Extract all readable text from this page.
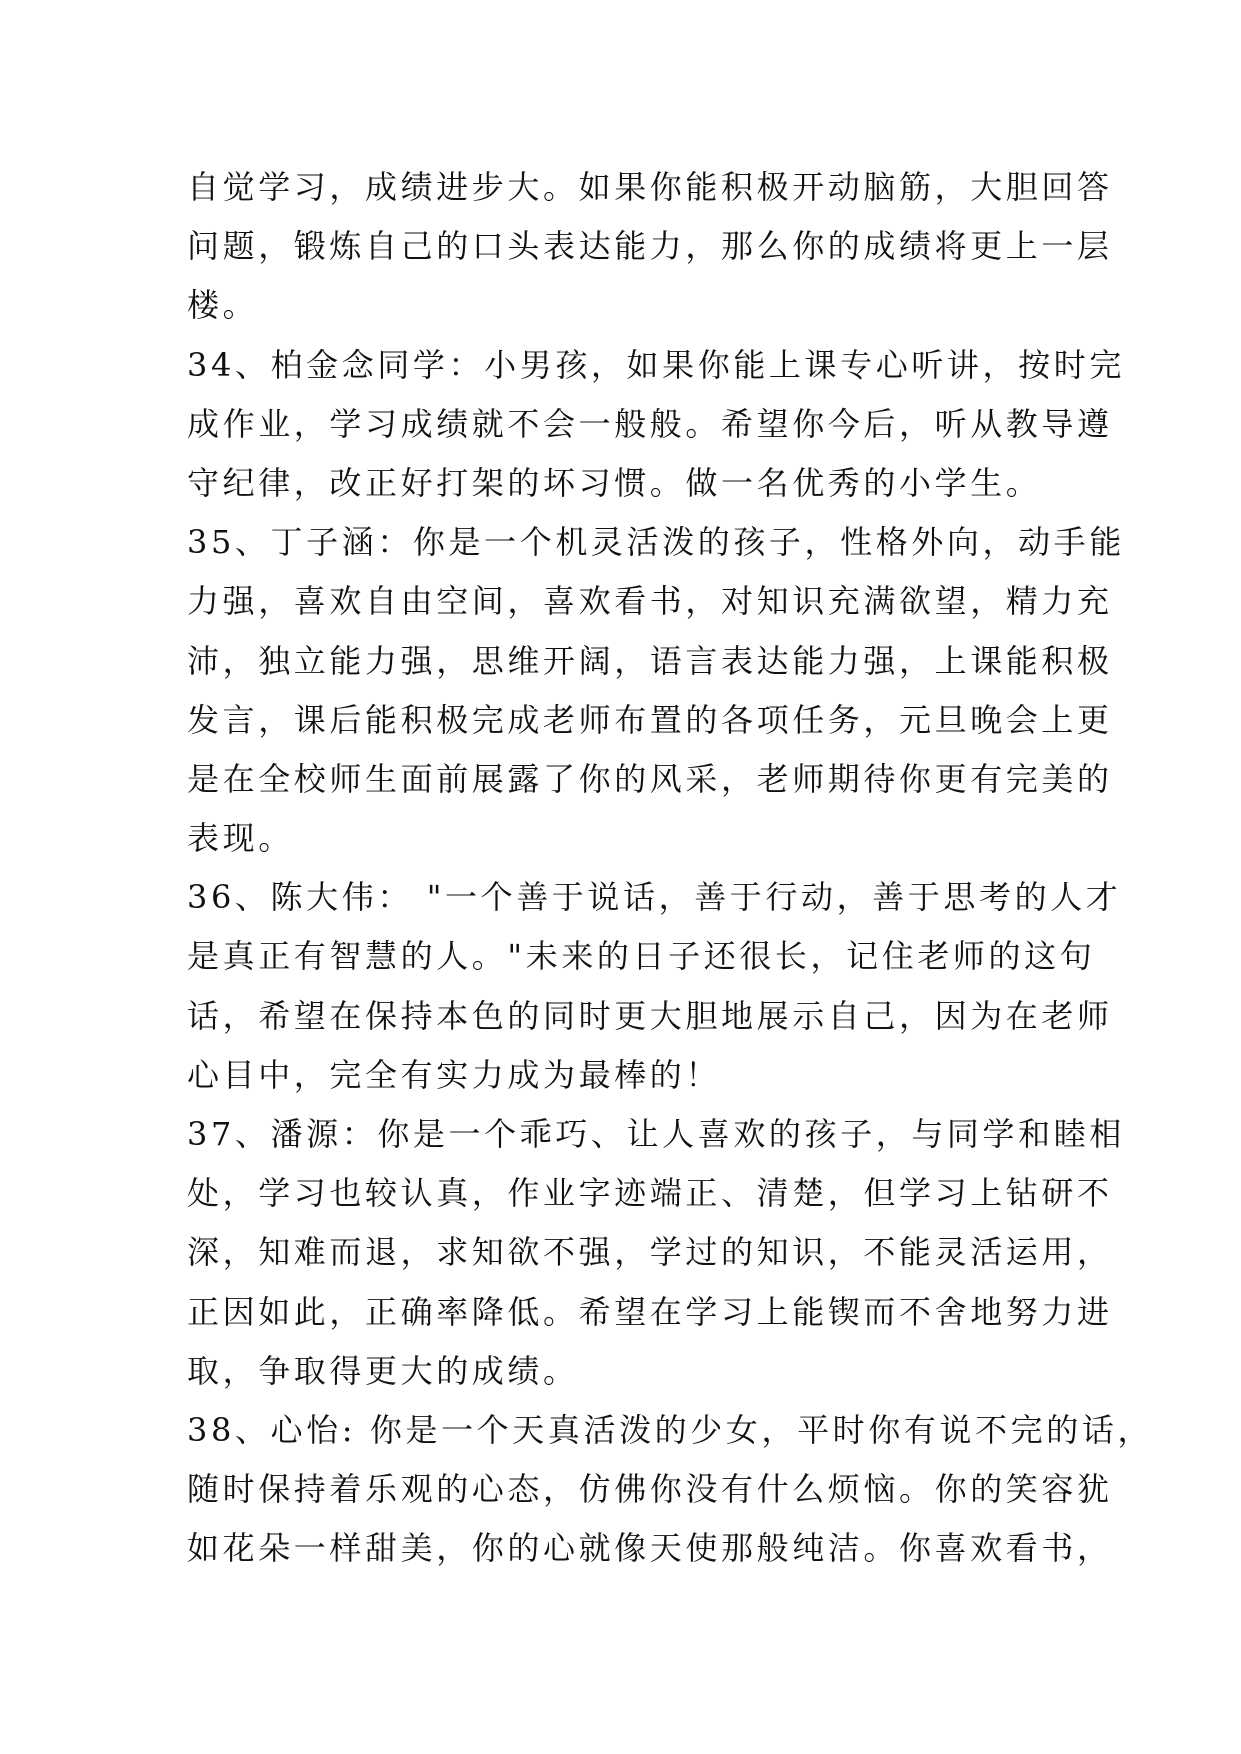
自觉学习，成绩进步大。如果你能积极开动脑筋，大胆回答
问题，锻炼自己的口头表达能力，那么你的成绩将更上一层
楼。
34、柏金念同学：小男孩，如果你能上课专心听讲，按时完
成作业，学习成绩就不会一般般。希望你今后，听从教导遵
守纪律，改正好打架的坏习惯。做一名优秀的小学生。
35、丁子涵：你是一个机灵活泼的孩子，性格外向，动手能
力强，喜欢自由空间，喜欢看书，对知识充满欲望，精力充
沛，独立能力强，思维开阔，语言表达能力强，上课能积极
发言，课后能积极完成老师布置的各项任务，元旦晚会上更
是在全校师生面前展露了你的风采，老师期待你更有完美的
表现。
36、陈大伟： "一个善于说话，善于行动，善于思考的人才
是真正有智慧的人。"未来的日子还很长，记住老师的这句
话，希望在保持本色的同时更大胆地展示自己，因为在老师
心目中，完全有实力成为最棒的！
37、潘源：你是一个乖巧、让人喜欢的孩子，与同学和睦相
处，学习也较认真，作业字迹端正、清楚，但学习上钻研不
深，知难而退，求知欲不强，学过的知识，不能灵活运用，
正因如此，正确率降低。希望在学习上能锲而不舍地努力进
取，争取得更大的成绩。
38、心怡: 你是一个天真活泼的少女，平时你有说不完的话，
随时保持着乐观的心态，仿佛你没有什么烦恼。你的笑容犹
如花朵一样甜美，你的心就像天使那般纯洁。你喜欢看书，
